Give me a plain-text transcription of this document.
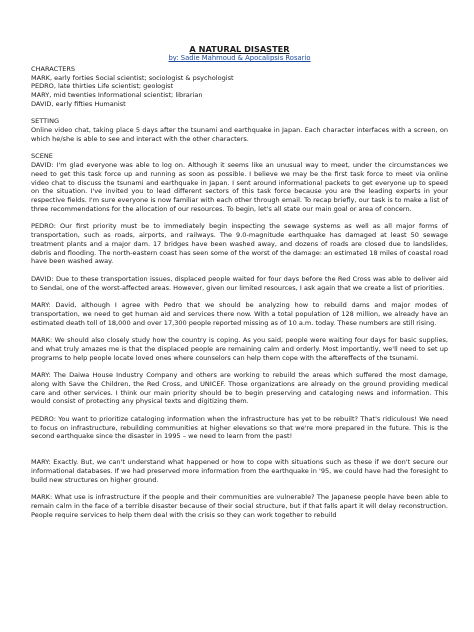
A NATURAL DISASTER

by: Sadie Mahmoud & Apocalipsis Rosario

CHARACTERS
MARK, early forties Social scientist; sociologist & psychologist
PEDRO, late thirties Life scientist; geologist
MARY, mid twenties Informational scientist; librarian
DAVID, early fifties Humanist
SETTING

Online video chat, taking place 5 days after the tsunami and earthquake in Japan. Each character interfaces with a screen, on which he/she is able to see and interact with the other characters.

SCENE

DAVID: I'm glad everyone was able to log on. Although it seems like an unusual way to meet, under the circumstances we need to get this task force up and running as soon as possible. I believe we may be the first task force to meet via online video chat to discuss the tsunami and earthquake in Japan. I sent around informational packets to get everyone up to speed on the situation. I've invited you to lead different sectors of this task force because you are the leading experts in your respective fields. I'm sure everyone is now familiar with each other through email. To recap briefly, our task is to make a list of three recommendations for the allocation of our resources. To begin, let's all state our main goal or area of concern.

PEDRO: Our first priority must be to immediately begin inspecting the sewage systems as well as all major forms of transportation, such as roads, airports, and railways. The 9.0-magnitude earthquake has damaged at least 50 sewage treatment plants and a major dam. 17 bridges have been washed away, and dozens of roads are closed due to landslides, debris and flooding. The north-eastern coast has seen some of the worst of the damage: an estimated 18 miles of coastal road have been washed away.

DAVID: Due to these transportation issues, displaced people waited for four days before the Red Cross was able to deliver aid to Sendai, one of the worst-affected areas. However, given our limited resources, I ask again that we create a list of priorities.

MARY: David, although I agree with Pedro that we should be analyzing how to rebuild dams and major modes of transportation, we need to get human aid and services there now. With a total population of 128 million, we already have an estimated death toll of 18,000 and over 17,300 people reported missing as of 10 a.m. today. These numbers are still rising.

MARK: We should also closely study how the country is coping. As you said, people were waiting four days for basic supplies, and what truly amazes me is that the displaced people are remaining calm and orderly. Most importantly, we'll need to set up programs to help people locate loved ones where counselors can help them cope with the aftereffects of the tsunami.

MARY: The Daiwa House Industry Company and others are working to rebuild the areas which suffered the most damage, along with Save the Children, the Red Cross, and UNICEF. Those organizations are already on the ground providing medical care and other services. I think our main priority should be to begin preserving and cataloging news and information. This would consist of protecting any physical texts and digitizing them.

PEDRO: You want to prioritize cataloging information when the infrastructure has yet to be rebuilt? That's ridiculous! We need to focus on infrastructure, rebuilding communities at higher elevations so that we're more prepared in the future. This is the second earthquake since the disaster in 1995 – we need to learn from the past!

MARY: Exactly. But, we can't understand what happened or how to cope with situations such as these if we don't secure our informational databases. If we had preserved more information from the earthquake in '95, we could have had the foresight to build new structures on higher ground.

MARK: What use is infrastructure if the people and their communities are vulnerable? The Japanese people have been able to remain calm in the face of a terrible disaster because of their social structure, but if that falls apart it will delay reconstruction. People require services to help them deal with the crisis so they can work together to rebuild
